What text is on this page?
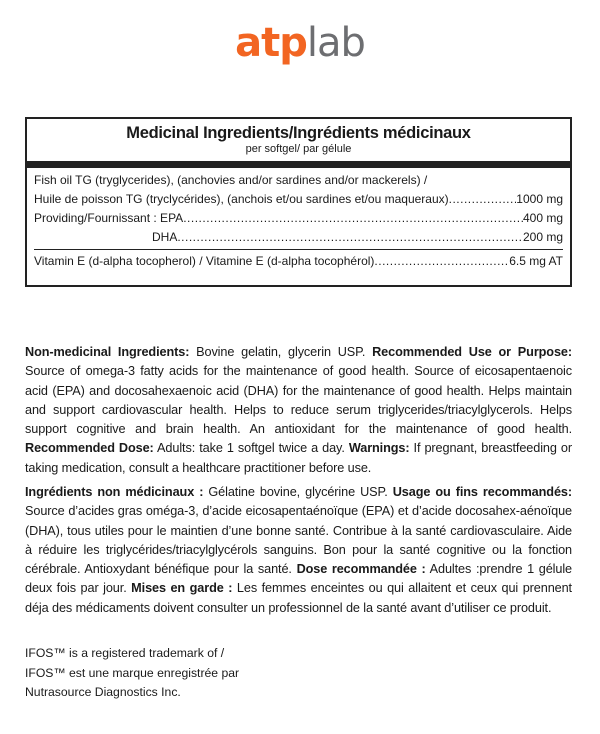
atplab
Medicinal Ingredients/Ingrédients médicinaux
per softgel/ par gélule
Fish oil TG (tryglycerides), (anchovies and/or sardines and/or mackerels) /
Huile de poisson TG (tryclycérides), (anchois et/ou sardines et/ou maqueraux) .....	1000 mg
Providing/Fournissant : EPA .....	400 mg
DHA .....	200 mg
Vitamin E (d-alpha tocopherol) / Vitamine E (d-alpha tocophérol) .....	6.5 mg AT
Non-medicinal Ingredients: Bovine gelatin, glycerin USP. Recommended Use or Purpose: Source of omega-3 fatty acids for the maintenance of good health. Source of eicosapentaenoic acid (EPA) and docosahexaenoic acid (DHA) for the maintenance of good health. Helps maintain and support cardiovascular health. Helps to reduce serum triglycerides/triacylglycerols. Helps support cognitive and brain health. An antioxidant for the maintenance of good health. Recommended Dose: Adults: take 1 softgel twice a day. Warnings: If pregnant, breastfeeding or taking medication, consult a healthcare practitioner before use.
Ingrédients non médicinaux : Gélatine bovine, glycérine USP. Usage ou fins recommandés: Source d’acides gras oméga-3, d’acide eicosapentaénoïque (EPA) et d’acide docosahex-aénoïque (DHA), tous utiles pour le maintien d’une bonne santé. Contribue à la santé cardiovasculaire. Aide à réduire les triglycérides/triacylglycérols sanguins. Bon pour la santé cognitive ou la fonction cérébrale. Antioxydant bénéfique pour la santé. Dose recommandée : Adultes :prendre 1 gélule deux fois par jour. Mises en garde : Les femmes enceintes ou qui allaitent et ceux qui prennent déja des médicaments doivent consulter un professionnel de la santé avant d’utiliser ce produit.
IFOS™ is a registered trademark of /
IFOS™ est une marque enregistrée par
Nutrasource Diagnostics Inc.
